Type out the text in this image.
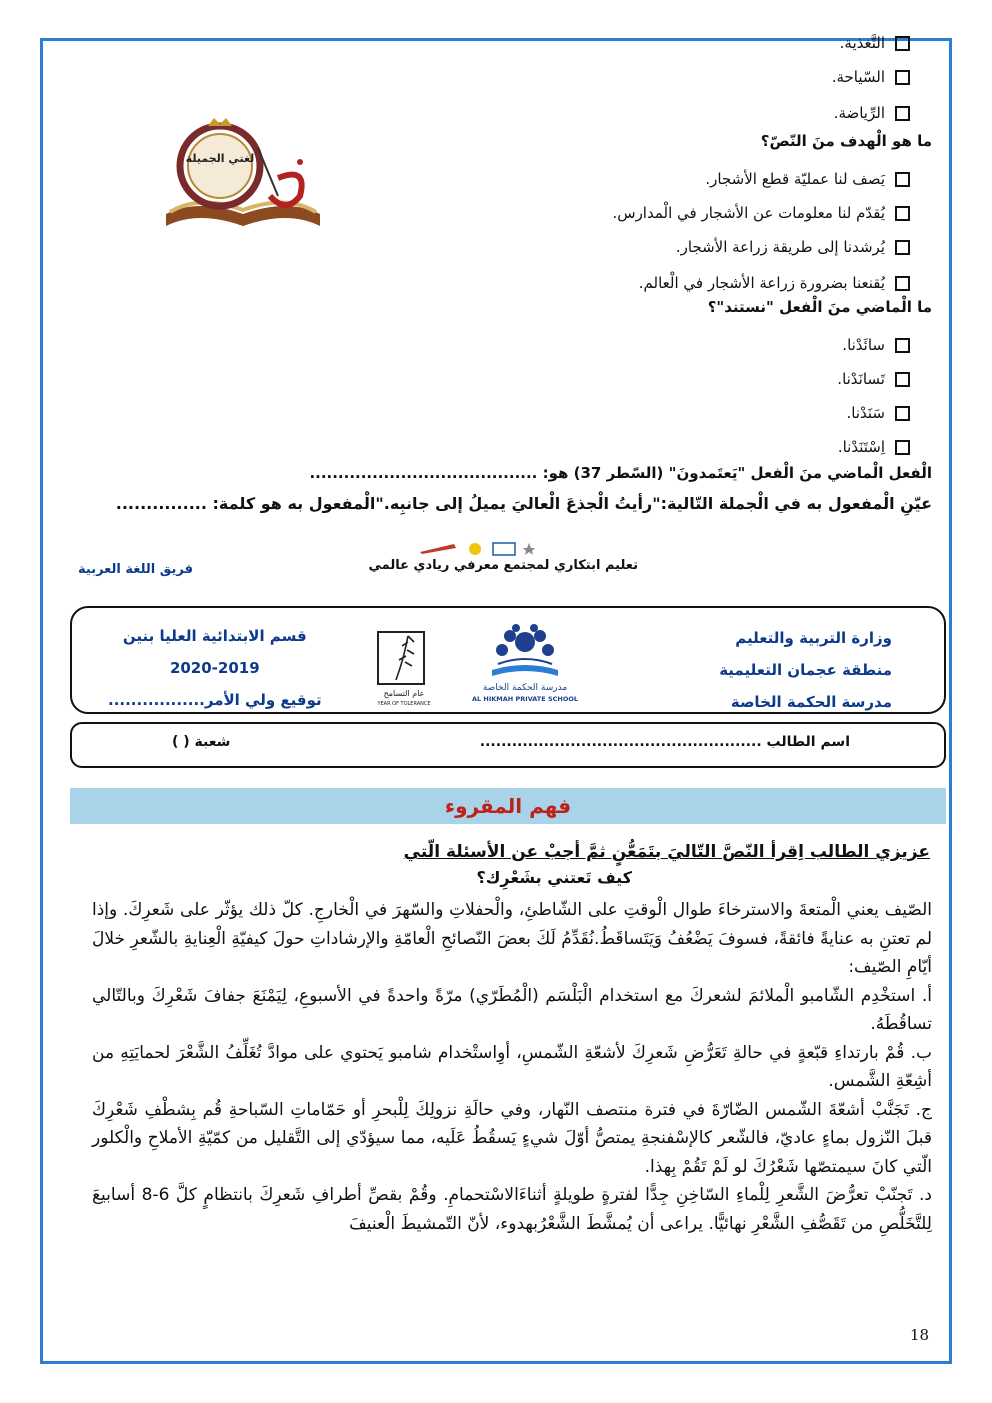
التَّغذية.
السّياحة.
الرِّياضة.
ما هو الْهدف منَ النّصّ؟
يَصف لنا عمليّة قطع الأشجار.
يُقدّم لنا معلومات عن الأشجار في الْمدارس.
يُرشدنا إلى طريقة زراعة الأشجار.
يُقنعنا بضرورة زراعة الأشجار في الْعالم.
ما الْماضي منَ الْفعل "نستند"؟
سائَدْنا.
تَسانَدْنا.
سَنَدْنا.
اِسْتَنَدْنا.
الْفعل الْماضي منَ الْفعل "يَعتَمدونَ" (السّطر 37) هو: ........................................
عيّنِ الْمفعول به في الْجملة التّالية:"رأيتُ الْجذعَ الْعاليَ يميلُ إلى جانبِه."الْمفعول به هو كلمة: ...............
لغتي الجميلة
تعليم ابتكاري لمجتمع معرفي ريادي عالمي
فريق اللغة العربية
وزارة التربية والتعليم
منطقة عجمان التعليمية
مدرسة الحكمة الخاصة
مدرسة الحكمة الخاصة
AL HIKMAH PRIVATE SCHOOL
عام التسامح
YEAR OF TOLERANCE
قسم الابتدائية العليا بنين
2020-2019
توقيع ولي الأمر.................
اسم الطالب .....................................................
شعبة ( )
فهم المقروء
عزيزي الطالب اِقرأ النّصَّ التّاليَ بتَمَعُّنٍ ثمَّ أجبْ عن الأسئلة الّتي
كيف تَعتني بشَعْرِك؟

الصّيف يعني الْمتعةَ والاسترخاءَ طوال الْوقتِ على الشّاطئِ، والْحفلاتِ والسّهرَ في الْخارجِ. كلّ ذلك يؤثّر على شَعرِكَ. وإذا لم تعتنِ به عنايةً فائقةً، فسوفَ يَضْعُفُ وَيَتَساقَطُ.نُقَدِّمُ لَكَ بعضَ النّصائحِ الْعامّةِ والإرشاداتِ حولَ كيفيّةِ الْعِنايةِ بالشّعرِ خلالَ أيّامِ الصّيف:

أ. استخْدِم الشّامبو الْملائمَ لشعركَ مع استخدام الْبَلْسَم (الْمُطَرّي) مرّةً واحدةً في الأسبوعِ، لِيَمْنَعَ جفافَ شَعْرِكَ وبالتّالي تساقُطَهُ.

ب. قُمْ بارتداءِ قبّعةٍ في حالةِ تَعَرُّضِ شَعرِكَ لأشعّةِ الشّمسِ، أوِاستْخدام شامبو يَحتوي على موادَّ تُغَلِّفُ الشَّعْرَ لحمايَتِهِ من أشِعّةِ الشَّمس.

ج. تَجَنَّبْ أشعّةَ الشّمس الضّارّةَ في فترة منتصف النّهار، وفي حالَةِ نزولِكَ لِلْبحرِ أو حَمّاماتِ السّباحةِ قُم بِشطْفِ شَعْرِكَ قبلَ النّزول بماءٍ عاديّ، فالشّعر كالإسْفنجةِ يمتصُّ أوّلَ شيءٍ يَسقُطُ عَلَيه، مما سيؤدّي إلى التَّقليل من كمّيّةِ الأملاحِ والْكلور الّتي كانَ سيمتصّها شَعْرُكَ لو لَمْ تَقُمْ بِهذا.

د. تَجنّبْ تعرُّضَ الشَّعرِ لِلْماءِ السّاخِنِ جِدًّا لفترةٍ طويلةٍ أثناءَالاسْتحمامِ. وقُمْ بقصِّ أطرافِ شَعرِكَ بانتظامٍ كلَّ 6-8 أسابيعَ لِلتَّخَلُّصِ من تَقَصُّفِ الشَّعْرِ نهائيًّا. يراعى أن يُمشَّطَ الشَّعْرُبهدوء، لأنّ التّمشيطَ الْعنيفَ

18
